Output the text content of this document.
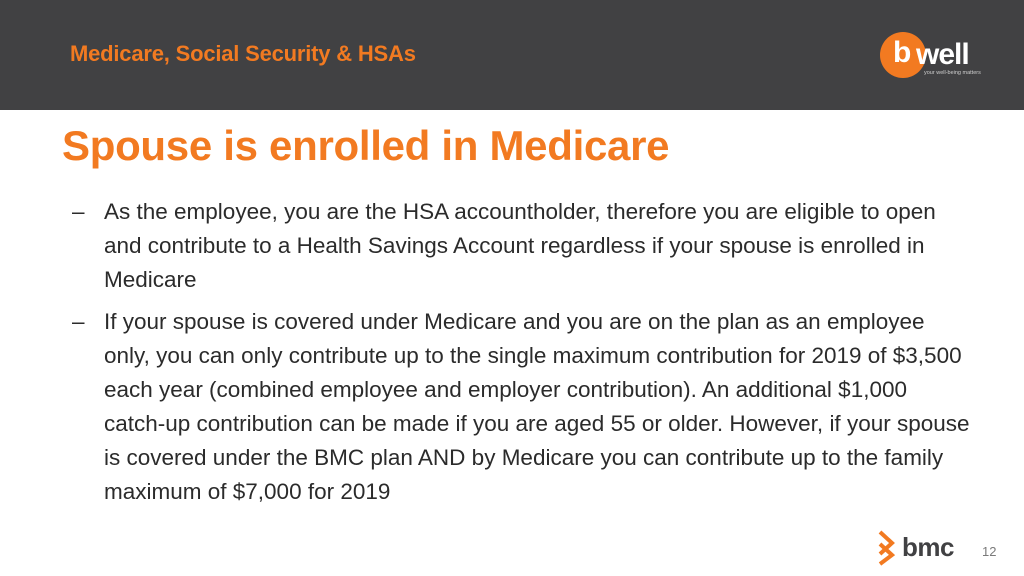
Medicare, Social Security & HSAs	b well
your well-being matters
Spouse is enrolled in Medicare
– As the employee, you are the HSA accountholder, therefore you are eligible to open and contribute to a Health Savings Account regardless if your spouse is enrolled in Medicare
– If your spouse is covered under Medicare and you are on the plan as an employee only, you can only contribute up to the single maximum contribution for 2019 of $3,500 each year (combined employee and employer contribution). An additional $1,000 catch-up contribution can be made if you are aged 55 or older. However, if your spouse is covered under the BMC plan AND by Medicare you can contribute up to the family maximum of $7,000 for 2019
bmc 12
